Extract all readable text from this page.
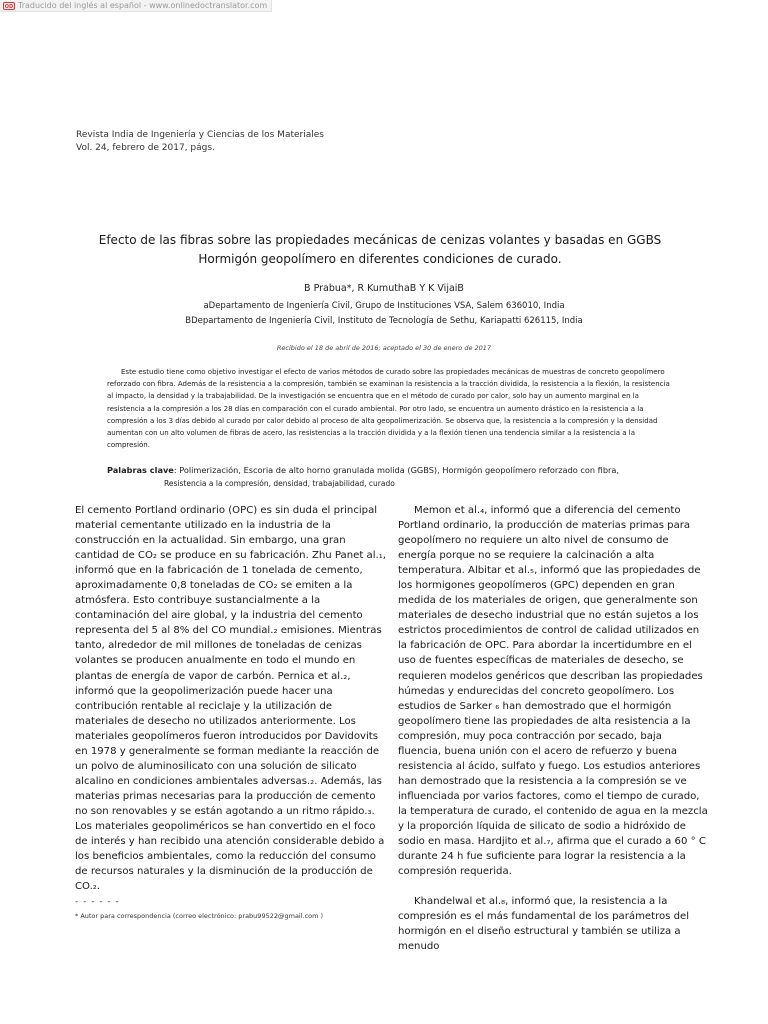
OD Traducido del inglés al español - www.onlinedoctranslator.com
Revista India de Ingeniería y Ciencias de los Materiales
Vol. 24, febrero de 2017, págs.
Efecto de las fibras sobre las propiedades mecánicas de cenizas volantes y basadas en GGBS
Hormigón geopolímero en diferentes condiciones de curado.
B Prabua*, R KumuthaB Y K VijaiB
aDepartamento de Ingeniería Civil, Grupo de Instituciones VSA, Salem 636010, India
BDepartamento de Ingeniería Civil, Instituto de Tecnología de Sethu, Kariapatti 626115, India
Recibido el 18 de abril de 2016; aceptado el 30 de enero de 2017

Este estudio tiene como objetivo investigar el efecto de varios métodos de curado sobre las propiedades mecánicas de muestras de concreto geopolímero reforzado con fibra. Además de la resistencia a la compresión, también se examinan la resistencia a la tracción dividida, la resistencia a la flexión, la resistencia al impacto, la densidad y la trabajabilidad. De la investigación se encuentra que en el método de curado por calor, solo hay un aumento marginal en la resistencia a la compresión a los 28 días en comparación con el curado ambiental. Por otro lado, se encuentra un aumento drástico en la resistencia a la compresión a los 3 días debido al curado por calor debido al proceso de alta geopolimerización. Se observa que, la resistencia a la compresión y la densidad aumentan con un alto volumen de fibras de acero, las resistencias a la tracción dividida y a la flexión tienen una tendencia similar a la resistencia a la compresión.

Palabras clave: Polimerización, Escoria de alto horno granulada molida (GGBS), Hormigón geopolímero reforzado con fibra,
Resistencia a la compresión, densidad, trabajabilidad, curado

El cemento Portland ordinario (OPC) es sin duda el principal material cementante utilizado en la industria de la construcción en la actualidad. Sin embargo, una gran cantidad de CO₂ se produce en su fabricación. Zhu Panet al.₁, informó que en la fabricación de 1 tonelada de cemento, aproximadamente 0,8 toneladas de CO₂ se emiten a la atmósfera. Esto contribuye sustancialmente a la contaminación del aire global, y la industria del cemento representa del 5 al 8% del CO mundial.₂ emisiones. Mientras tanto, alrededor de mil millones de toneladas de cenizas volantes se producen anualmente en todo el mundo en plantas de energía de vapor de carbón. Pernica et al.₂, informó que la geopolimerización puede hacer una contribución rentable al reciclaje y la utilización de materiales de desecho no utilizados anteriormente. Los materiales geopolímeros fueron introducidos por Davidovits en 1978 y generalmente se forman mediante la reacción de un polvo de aluminosilicato con una solución de silicato alcalino en condiciones ambientales adversas.₂. Además, las materias primas necesarias para la producción de cemento no son renovables y se están agotando a un ritmo rápido.₃. Los materiales geopoliméricos se han convertido en el foco de interés y han recibido una atención considerable debido a los beneficios ambientales, como la reducción del consumo de recursos naturales y la disminución de la producción de CO.₂.

Memon et al.₄, informó que a diferencia del cemento Portland ordinario, la producción de materias primas para geopolímero no requiere un alto nivel de consumo de energía porque no se requiere la calcinación a alta temperatura. Albitar et al.₅, informó que las propiedades de los hormigones geopolímeros (GPC) dependen en gran medida de los materiales de origen, que generalmente son materiales de desecho industrial que no están sujetos a los estrictos procedimientos de control de calidad utilizados en la fabricación de OPC. Para abordar la incertidumbre en el uso de fuentes específicas de materiales de desecho, se requieren modelos genéricos que describan las propiedades húmedas y endurecidas del concreto geopolímero. Los estudios de Sarker ₆ han demostrado que el hormigón geopolímero tiene las propiedades de alta resistencia a la compresión, muy poca contracción por secado, baja fluencia, buena unión con el acero de refuerzo y buena resistencia al ácido, sulfato y fuego. Los estudios anteriores han demostrado que la resistencia a la compresión se ve influenciada por varios factores, como el tiempo de curado, la temperatura de curado, el contenido de agua en la mezcla y la proporción líquida de silicato de sodio a hidróxido de sodio en masa. Hardjito et al.₇, afirma que el curado a 60 ° C durante 24 h fue suficiente para lograr la resistencia a la compresión requerida.

Khandelwal et al.₈, informó que, la resistencia a la compresión es el más fundamental de los parámetros del hormigón en el diseño estructural y también se utiliza a menudo

- - - - - -
* Autor para correspondencia (correo electrónico: prabu99522@gmail.com )
